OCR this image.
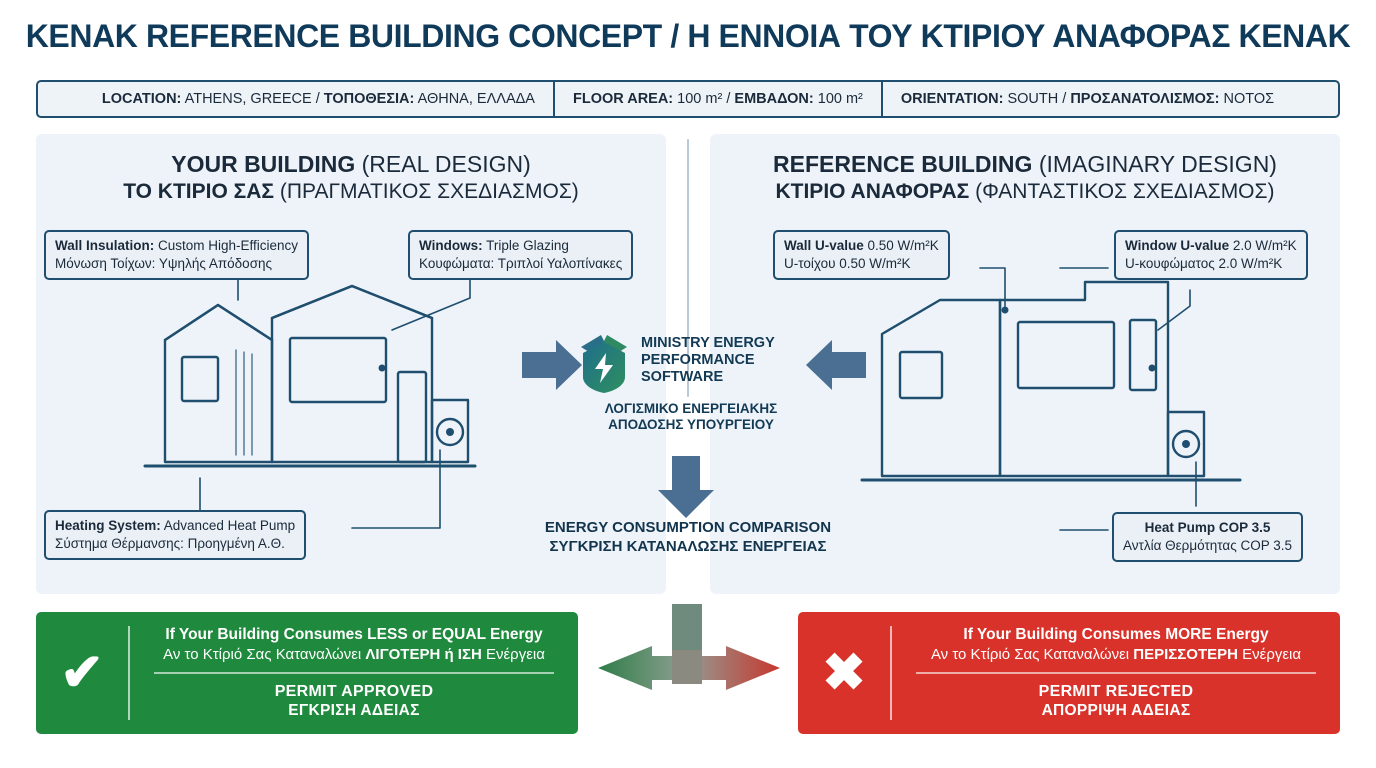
KENAK REFERENCE BUILDING CONCEPT / Η ΕΝΝΟΙΑ ΤΟΥ ΚΤΙΡΙΟΥ ΑΝΑΦΟΡΑΣ ΚΕΝΑΚ
LOCATION: ATHENS, GREECE / ΤΟΠΟΘΕΣΙΑ: ΑΘΗΝΑ, ΕΛΛΑΔΑ	FLOOR AREA: 100 m² / ΕΜΒΑΔΟΝ: 100 m²	ORIENTATION: SOUTH / ΠΡΟΣΑΝΑΤΟΛΙΣΜΟΣ: ΝΟΤΟΣ
YOUR BUILDING (REAL DESIGN)
ΤΟ ΚΤΙΡΙΟ ΣΑΣ (ΠΡΑΓΜΑΤΙΚΟΣ ΣΧΕΔΙΑΣΜΟΣ)
REFERENCE BUILDING (IMAGINARY DESIGN)
ΚΤΙΡΙΟ ΑΝΑΦΟΡΑΣ (ΦΑΝΤΑΣΤΙΚΟΣ ΣΧΕΔΙΑΣΜΟΣ)
Wall Insulation: Custom High-Efficiency
Μόνωση Τοίχων: Υψηλής Απόδοσης
Windows: Triple Glazing
Κουφώματα: Τριπλοί Υαλοπίνακες
Heating System: Advanced Heat Pump
Σύστημα Θέρμανσης: Προηγμένη Α.Θ.
Wall U-value 0.50 W/m²K
U-τοίχου 0.50 W/m²K
Window U-value 2.0 W/m²K
U-κουφώματος 2.0 W/m²K
Heat Pump COP 3.5
Αντλία Θερμότητας COP 3.5
MINISTRY ENERGY
PERFORMANCE
SOFTWARE
ΛΟΓΙΣΜΙΚΟ ΕΝΕΡΓΕΙΑΚΗΣ
ΑΠΟΔΟΣΗΣ ΥΠΟΥΡΓΕΙΟΥ
ENERGY CONSUMPTION COMPARISON
ΣΥΓΚΡΙΣΗ ΚΑΤΑΝΑΛΩΣΗΣ ΕΝΕΡΓΕΙΑΣ
✔
If Your Building Consumes LESS or EQUAL Energy
Αν το Κτίριό Σας Καταναλώνει ΛΙΓΟΤΕΡΗ ή ΙΣΗ Ενέργεια
PERMIT APPROVED
ΕΓΚΡΙΣΗ ΑΔΕΙΑΣ
✖
If Your Building Consumes MORE Energy
Αν το Κτίριό Σας Καταναλώνει ΠΕΡΙΣΣΟΤΕΡΗ Ενέργεια
PERMIT REJECTED
ΑΠΟΡΡΙΨΗ ΑΔΕΙΑΣ
